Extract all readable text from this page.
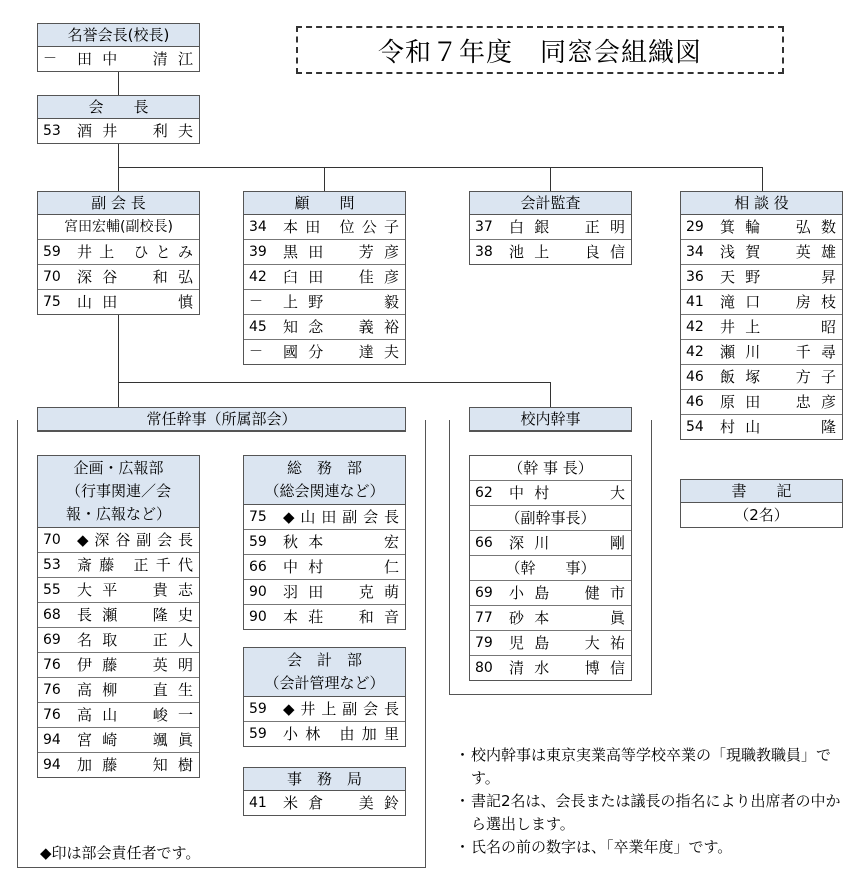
令和７年度　同窓会組織図
名誉会長(校長)
－	田中　清江
会　　長
53	酒井　利夫
副 会 長
宮田宏輔(副校長)
59	井上 ひとみ
70	深谷　和弘
75	山田　　慎
顧　　問
34	本田 位公子
39	黒田　芳彦
42	臼田　佳彦
－	上野　　毅
45	知念　義裕
－	國分　達夫
会計監査
37	白銀　正明
38	池上　良信
相 談 役
29	箕輪　弘数
34	浅賀　英雄
36	天野　　昇
41	滝口　房枝
42	井上　　昭
42	瀬川　千尋
46	飯塚　方子
46	原田　忠彦
54	村山　　隆
常任幹事（所属部会）
企画・広報部
（行事関連／会
報・広報など）
70	◆深谷副会長
53	斎藤 正千代
55	大平　貴志
68	長瀬　隆史
69	名取　正人
76	伊藤　英明
76	高柳　直生
76	高山　峻一
94	宮崎　颯眞
94	加藤　知樹
総　務　部
（総会関連など）
75	◆山田副会長
59	秋本　　宏
66	中村　　仁
90	羽田　克萌
90	本荘　和音
会　計　部
（会計管理など）
59	◆井上副会長
59	小林 由加里
事　務　局
41	米倉　美鈴
◆印は部会責任者です。
校内幹事
（幹 事 長）
62	中村　　大
（副幹事長）
66	深川　　剛
（幹　　事）
69	小島　健市
77	砂本　　眞
79	児島　大祐
80	清水　博信
書　　記
（2名）
・ 校内幹事は東京実業高等学校卒業の「現職教職員」です。
・ 書記2名は、会長または議長の指名により出席者の中から選出します。
・ 氏名の前の数字は、「卒業年度」です。
